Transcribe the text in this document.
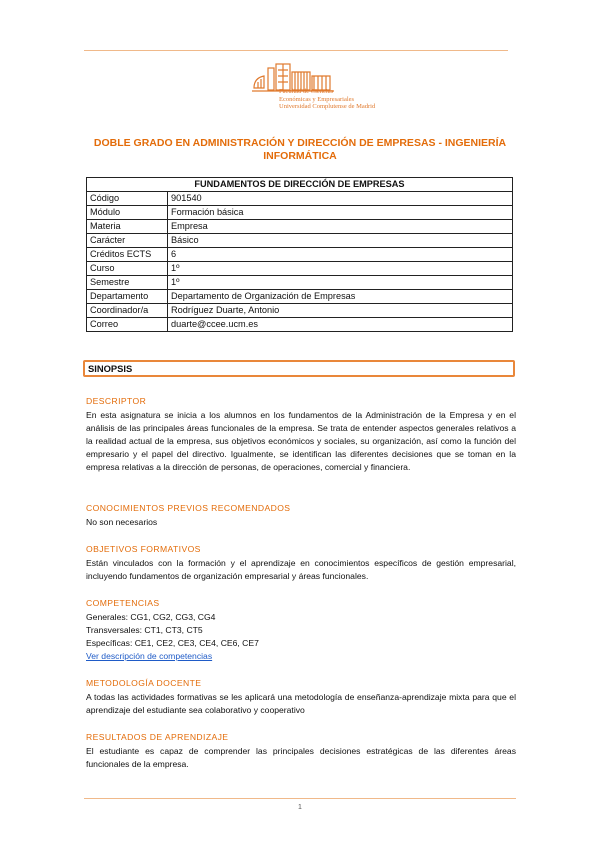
Facultad de Ciencias
Económicas y Empresariales
Universidad Complutense de Madrid
DOBLE GRADO EN ADMINISTRACIÓN Y DIRECCIÓN DE EMPRESAS - INGENIERÍA INFORMÁTICA
FUNDAMENTOS DE DIRECCIÓN DE EMPRESAS	
Código	901540
Módulo	Formación básica
Materia	Empresa
Carácter	Básico
Créditos ECTS	6
Curso	1º
Semestre	1º
Departamento	Departamento de Organización de Empresas
Coordinador/a	Rodríguez Duarte, Antonio
Correo	duarte@ccee.ucm.es
SINOPSIS
DESCRIPTOR

En esta asignatura se inicia a los alumnos en los fundamentos de la Administración de la Empresa y en el análisis de las principales áreas funcionales de la empresa. Se trata de entender aspectos generales relativos a la realidad actual de la empresa, sus objetivos económicos y sociales, su organización, así como la función del empresario y el papel del directivo. Igualmente, se identifican las diferentes decisiones que se toman en la empresa relativas a la dirección de personas, de operaciones, comercial y financiera.

CONOCIMIENTOS PREVIOS RECOMENDADOS

No son necesarios

OBJETIVOS FORMATIVOS

Están vinculados con la formación y el aprendizaje en conocimientos específicos de gestión empresarial, incluyendo fundamentos de organización empresarial y áreas funcionales.

COMPETENCIAS
Generales: CG1, CG2, CG3, CG4
Transversales: CT1, CT3, CT5
Específicas: CE1, CE2, CE3, CE4, CE6, CE7
Ver descripción de competencias
METODOLOGÍA DOCENTE

A todas las actividades formativas se les aplicará una metodología de enseñanza-aprendizaje mixta para que el aprendizaje del estudiante sea colaborativo y cooperativo

RESULTADOS DE APRENDIZAJE

El estudiante es capaz de comprender las principales decisiones estratégicas de las diferentes áreas funcionales de la empresa.

1
